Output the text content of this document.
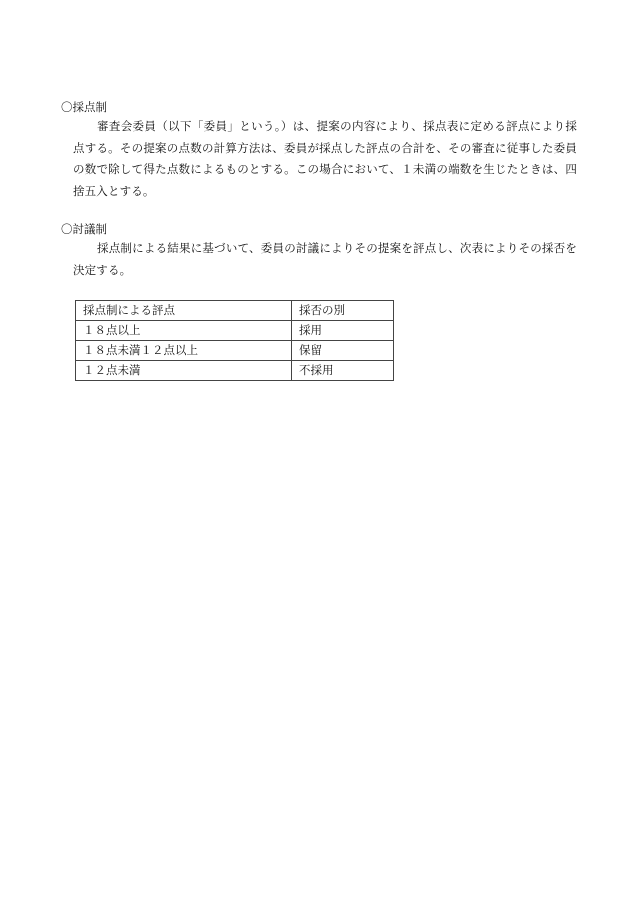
〇採点制
審査会委員（以下「委員」という。）は、提案の内容により、採点表に定める評点により採点する。その提案の点数の計算方法は、委員が採点した評点の合計を、その審査に従事した委員の数で除して得た点数によるものとする。この場合において、１未満の端数を生じたときは、四捨五入とする。
〇討議制
採点制による結果に基づいて、委員の討議によりその提案を評点し、次表によりその採否を決定する。
採点制による評点	採否の別
１８点以上	採用
１８点未満１２点以上	保留
１２点未満	不採用
